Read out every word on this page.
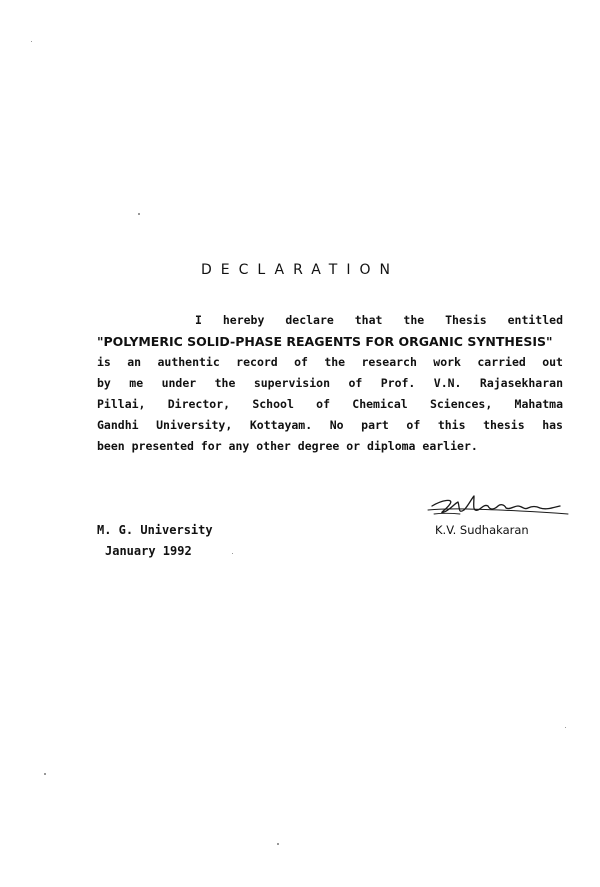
DECLARATION
I hereby declare that the Thesis entitled
"POLYMERIC SOLID-PHASE REAGENTS FOR ORGANIC SYNTHESIS"
is an authentic record of the research work carried out
by me under the supervision of Prof. V.N. Rajasekharan
Pillai, Director, School of Chemical Sciences, Mahatma
Gandhi University, Kottayam. No part of this thesis has
been presented for any other degree or diploma earlier.
M. G. University
January 1992
K.V. Sudhakaran
